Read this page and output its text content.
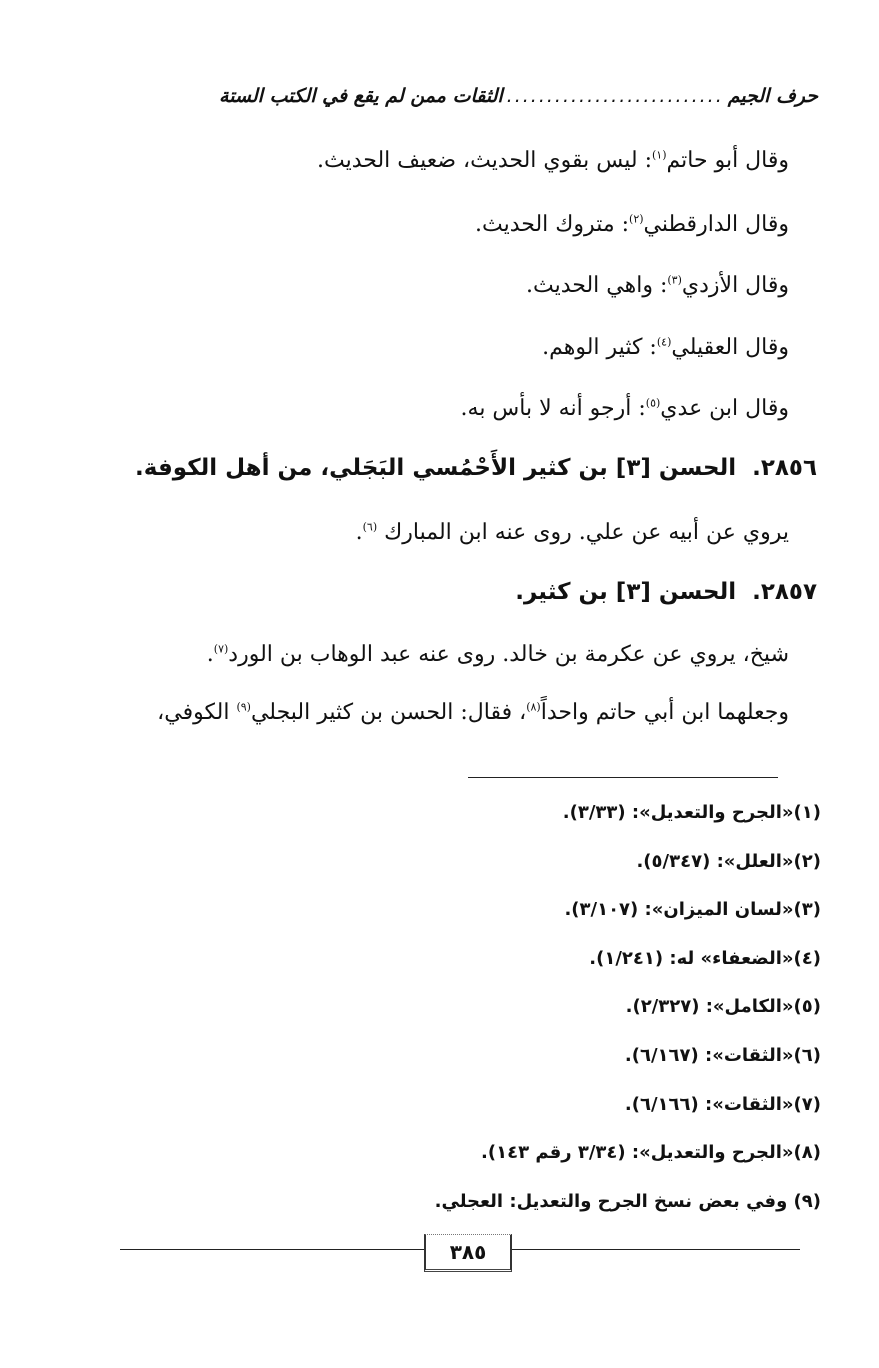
حرف الجيم
...........................
الثقات ممن لم يقع في الكتب الستة
وقال أبو حاتم$^{(١)}$: ليس بقوي الحديث، ضعيف الحديث.
وقال الدارقطني$^{(٢)}$: متروك الحديث.
وقال الأزدي$^{(٣)}$: واهي الحديث.
وقال العقيلي$^{(٤)}$: كثير الوهم.
وقال ابن عدي$^{(٥)}$: أرجو أنه لا بأس به.
٢٨٥٦.الحسن [٣] بن كثير الأَحْمُسي البَجَلي، من أهل الكوفة.
يروي عن أبيه عن علي. روى عنه ابن المبارك $^{(٦)}$.
٢٨٥٧.الحسن [٣] بن كثير.
شيخ، يروي عن عكرمة بن خالد. روى عنه عبد الوهاب بن الورد$^{(٧)}$.
وجعلهما ابن أبي حاتم واحداً$^{(٨)}$، فقال: الحسن بن كثير البجلي$^{(٩)}$ الكوفي،
(١)«الجرح والتعديل»: (٣/٣٣).
(٢)«العلل»: (٥/٣٤٧).
(٣)«لسان الميزان»: (٣/١٠٧).
(٤)«الضعفاء» له: (١/٢٤١).
(٥)«الكامل»: (٢/٣٢٧).
(٦)«الثقات»: (٦/١٦٧).
(٧)«الثقات»: (٦/١٦٦).
(٨)«الجرح والتعديل»: (٣/٣٤ رقم ١٤٣).
(٩) وفي بعض نسخ الجرح والتعديل: العجلي.
٣٨٥
